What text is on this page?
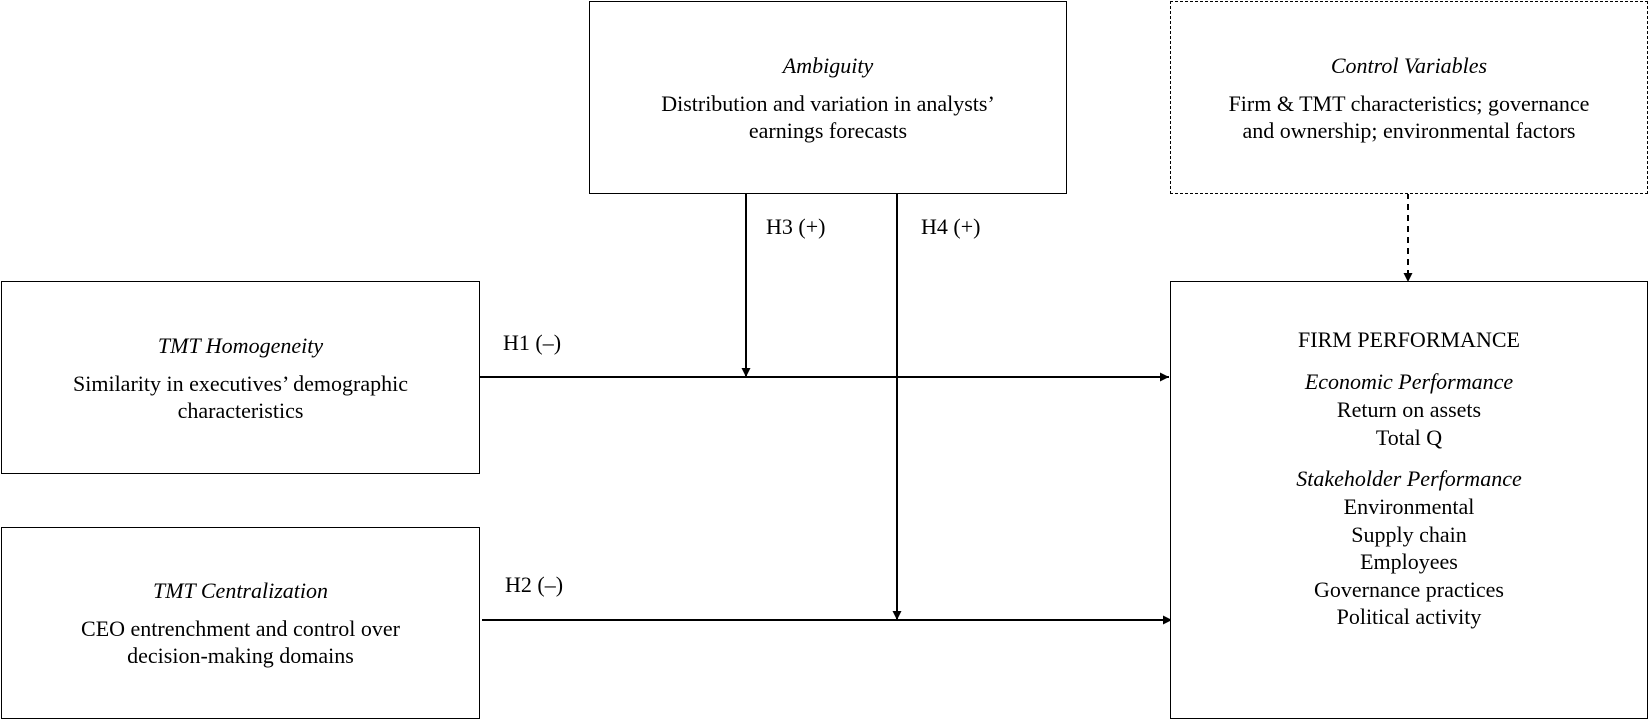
Ambiguity
Distribution and variation in analysts’
earnings forecasts
Control Variables
Firm & TMT characteristics; governance
and ownership; environmental factors
TMT Homogeneity
Similarity in executives’ demographic
characteristics
TMT Centralization
CEO entrenchment and control over
decision-making domains
FIRM PERFORMANCE
Economic Performance
Return on assets
Total Q
Stakeholder Performance
Environmental
Supply chain
Employees
Governance practices
Political activity
H1 (–)
H2 (–)
H3 (+)	H4 (+)
